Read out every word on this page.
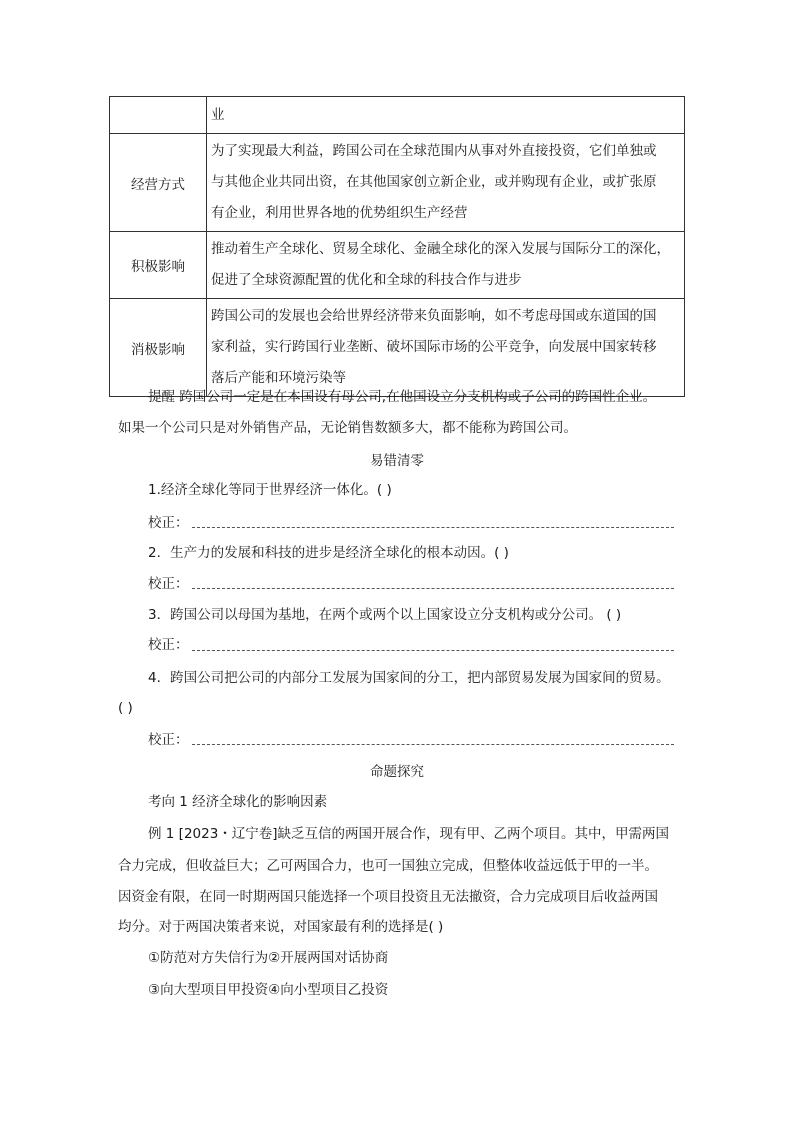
	业
经营方式	为了实现最大利益，跨国公司在全球范围内从事对外直接投资，它们单独或
与其他企业共同出资，在其他国家创立新企业，或并购现有企业，或扩张原
有企业，利用世界各地的优势组织生产经营

积极影响	推动着生产全球化、贸易全球化、金融全球化的深入发展与国际分工的深化，
促进了全球资源配置的优化和全球的科技合作与进步

消极影响	跨国公司的发展也会给世界经济带来负面影响，如不考虑母国或东道国的国
家利益，实行跨国行业垄断、破坏国际市场的公平竞争，向发展中国家转移
落后产能和环境污染等
提醒 跨国公司一定是在本国设有母公司,在他国设立分支机构或子公司的跨国性企业。
如果一个公司只是对外销售产品，无论销售数额多大，都不能称为跨国公司。
易错清零
1.经济全球化等同于世界经济一体化。( )
校正：
2．生产力的发展和科技的进步是经济全球化的根本动因。( )
校正：
3．跨国公司以母国为基地，在两个或两个以上国家设立分支机构或分公司。 ( )
校正：
4．跨国公司把公司的内部分工发展为国家间的分工，把内部贸易发展为国家间的贸易。
( )
校正：
命题探究
考向 1 经济全球化的影响因素
例 1 [2023・辽宁卷]缺乏互信的两国开展合作，现有甲、乙两个项目。其中，甲需两国
合力完成，但收益巨大；乙可两国合力，也可一国独立完成，但整体收益远低于甲的一半。
因资金有限，在同一时期两国只能选择一个项目投资且无法撤资，合力完成项目后收益两国
均分。对于两国决策者来说，对国家最有利的选择是( )
①防范对方失信行为②开展两国对话协商
③向大型项目甲投资④向小型项目乙投资
